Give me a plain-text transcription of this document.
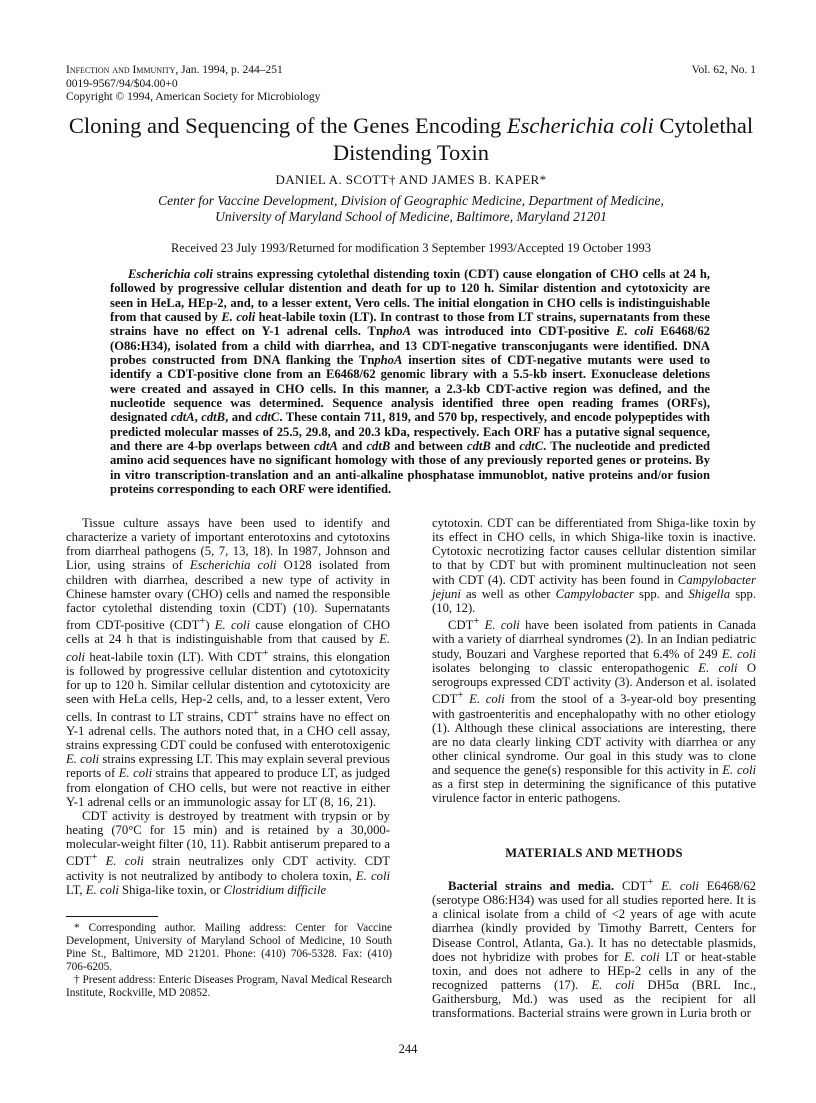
Infection and Immunity, Jan. 1994, p. 244–251
0019-9567/94/$04.00+0
Copyright © 1994, American Society for Microbiology
Vol. 62, No. 1
Cloning and Sequencing of the Genes Encoding Escherichia coli Cytolethal Distending Toxin
DANIEL A. SCOTT† AND JAMES B. KAPER*
Center for Vaccine Development, Division of Geographic Medicine, Department of Medicine,
University of Maryland School of Medicine, Baltimore, Maryland 21201
Received 23 July 1993/Returned for modification 3 September 1993/Accepted 19 October 1993

Escherichia coli strains expressing cytolethal distending toxin (CDT) cause elongation of CHO cells at 24 h, followed by progressive cellular distention and death for up to 120 h. Similar distention and cytotoxicity are seen in HeLa, HEp-2, and, to a lesser extent, Vero cells. The initial elongation in CHO cells is indistinguishable from that caused by E. coli heat-labile toxin (LT). In contrast to those from LT strains, supernatants from these strains have no effect on Y-1 adrenal cells. TnphoA was introduced into CDT-positive E. coli E6468/62 (O86:H34), isolated from a child with diarrhea, and 13 CDT-negative transconjugants were identified. DNA probes constructed from DNA flanking the TnphoA insertion sites of CDT-negative mutants were used to identify a CDT-positive clone from an E6468/62 genomic library with a 5.5-kb insert. Exonuclease deletions were created and assayed in CHO cells. In this manner, a 2.3-kb CDT-active region was defined, and the nucleotide sequence was determined. Sequence analysis identified three open reading frames (ORFs), designated cdtA, cdtB, and cdtC. These contain 711, 819, and 570 bp, respectively, and encode polypeptides with predicted molecular masses of 25.5, 29.8, and 20.3 kDa, respectively. Each ORF has a putative signal sequence, and there are 4-bp overlaps between cdtA and cdtB and between cdtB and cdtC. The nucleotide and predicted amino acid sequences have no significant homology with those of any previously reported genes or proteins. By in vitro transcription-translation and an anti-alkaline phosphatase immunoblot, native proteins and/or fusion proteins corresponding to each ORF were identified.

Tissue culture assays have been used to identify and characterize a variety of important enterotoxins and cytotoxins from diarrheal pathogens (5, 7, 13, 18). In 1987, Johnson and Lior, using strains of Escherichia coli O128 isolated from children with diarrhea, described a new type of activity in Chinese hamster ovary (CHO) cells and named the responsible factor cytolethal distending toxin (CDT) (10). Supernatants from CDT-positive (CDT+) E. coli cause elongation of CHO cells at 24 h that is indistinguishable from that caused by E. coli heat-labile toxin (LT). With CDT+ strains, this elongation is followed by progressive cellular distention and cytotoxicity for up to 120 h. Similar cellular distention and cytotoxicity are seen with HeLa cells, Hep-2 cells, and, to a lesser extent, Vero cells. In contrast to LT strains, CDT+ strains have no effect on Y-1 adrenal cells. The authors noted that, in a CHO cell assay, strains expressing CDT could be confused with enterotoxigenic E. coli strains expressing LT. This may explain several previous reports of E. coli strains that appeared to produce LT, as judged from elongation of CHO cells, but were not reactive in either Y-1 adrenal cells or an immunologic assay for LT (8, 16, 21).

CDT activity is destroyed by treatment with trypsin or by heating (70°C for 15 min) and is retained by a 30,000-molecular-weight filter (10, 11). Rabbit antiserum prepared to a CDT+ E. coli strain neutralizes only CDT activity. CDT activity is not neutralized by antibody to cholera toxin, E. coli LT, E. coli Shiga-like toxin, or Clostridium difficile

cytotoxin. CDT can be differentiated from Shiga-like toxin by its effect in CHO cells, in which Shiga-like toxin is inactive. Cytotoxic necrotizing factor causes cellular distention similar to that by CDT but with prominent multinucleation not seen with CDT (4). CDT activity has been found in Campylobacter jejuni as well as other Campylobacter spp. and Shigella spp. (10, 12).

CDT+ E. coli have been isolated from patients in Canada with a variety of diarrheal syndromes (2). In an Indian pediatric study, Bouzari and Varghese reported that 6.4% of 249 E. coli isolates belonging to classic enteropathogenic E. coli O serogroups expressed CDT activity (3). Anderson et al. isolated CDT+ E. coli from the stool of a 3-year-old boy presenting with gastroenteritis and encephalopathy with no other etiology (1). Although these clinical associations are interesting, there are no data clearly linking CDT activity with diarrhea or any other clinical syndrome. Our goal in this study was to clone and sequence the gene(s) responsible for this activity in E. coli as a first step in determining the significance of this putative virulence factor in enteric pathogens.

MATERIALS AND METHODS

Bacterial strains and media. CDT+ E. coli E6468/62 (serotype O86:H34) was used for all studies reported here. It is a clinical isolate from a child of <2 years of age with acute diarrhea (kindly provided by Timothy Barrett, Centers for Disease Control, Atlanta, Ga.). It has no detectable plasmids, does not hybridize with probes for E. coli LT or heat-stable toxin, and does not adhere to HEp-2 cells in any of the recognized patterns (17). E. coli DH5α (BRL Inc., Gaithersburg, Md.) was used as the recipient for all transformations. Bacterial strains were grown in Luria broth or

* Corresponding author. Mailing address: Center for Vaccine Development, University of Maryland School of Medicine, 10 South Pine St., Baltimore, MD 21201. Phone: (410) 706-5328. Fax: (410) 706-6205.

† Present address: Enteric Diseases Program, Naval Medical Research Institute, Rockville, MD 20852.

244
